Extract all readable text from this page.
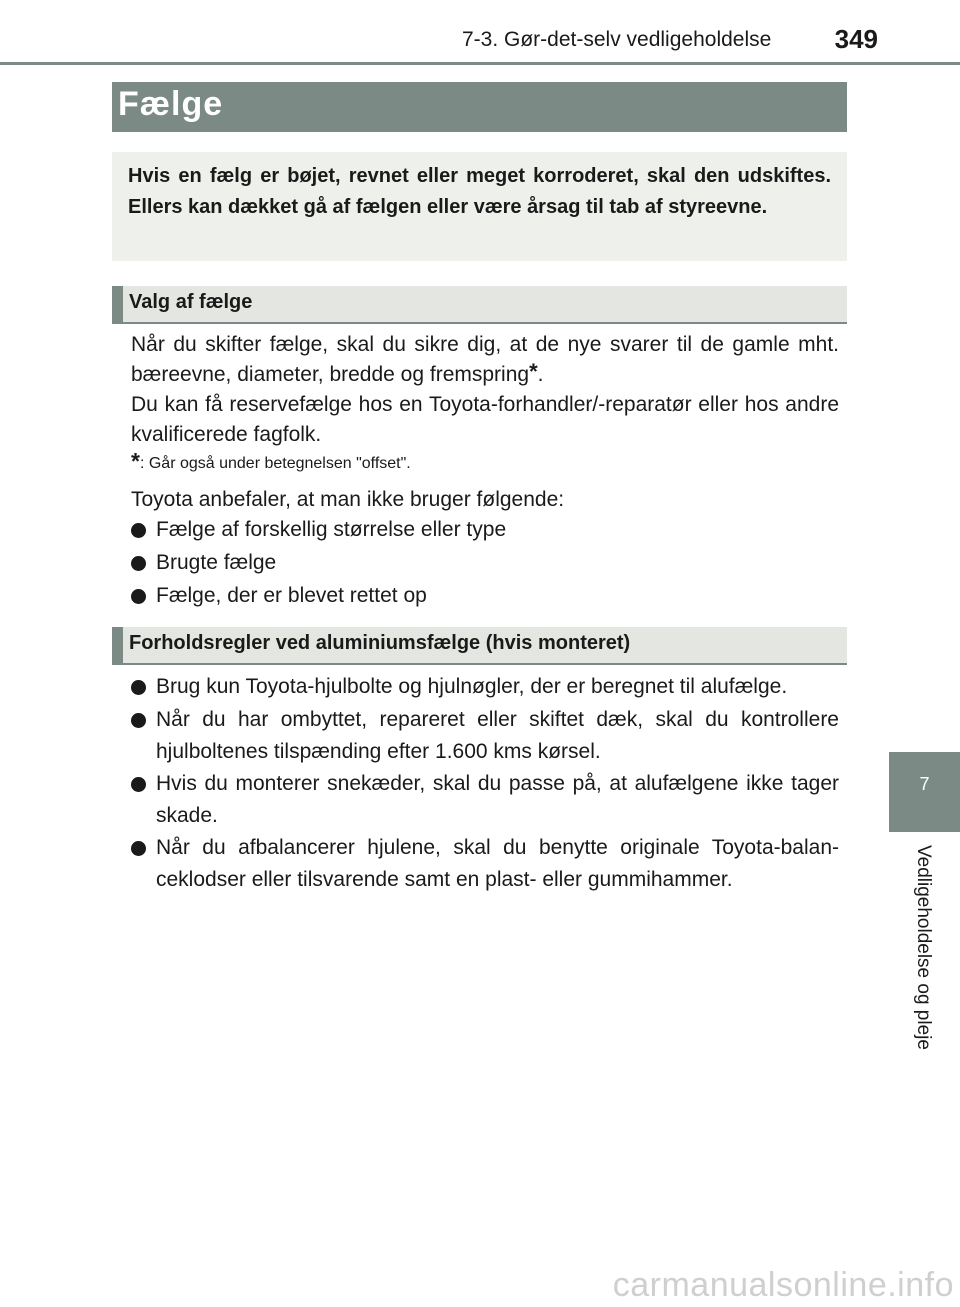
7-3. Gør-det-selv vedligeholdelse 349
Fælge
Hvis en fælg er bøjet, revnet eller meget korroderet, skal den udskiftes. Ellers kan dækket gå af fælgen eller være årsag til tab af styreevne.
Valg af fælge
Når du skifter fælge, skal du sikre dig, at de nye svarer til de gamle mht. bæreevne, diameter, bredde og fremspring*.
Du kan få reservefælge hos en Toyota-forhandler/-reparatør eller hos andre kvalificerede fagfolk.
*: Går også under betegnelsen "offset".
Toyota anbefaler, at man ikke bruger følgende:
Fælge af forskellig størrelse eller type
Brugte fælge
Fælge, der er blevet rettet op
Forholdsregler ved aluminiumsfælge (hvis monteret)
Brug kun Toyota-hjulbolte og hjulnøgler, der er beregnet til alufælge.
Når du har ombyttet, repareret eller skiftet dæk, skal du kontrollere hjulboltenes tilspænding efter 1.600 kms kørsel.
Hvis du monterer snekæder, skal du passe på, at alufælgene ikke tager skade.
Når du afbalancerer hjulene, skal du benytte originale Toyota-balan-ceklodser eller tilsvarende samt en plast- eller gummihammer.
7
Vedligeholdelse og pleje
carmanualsonline.info
